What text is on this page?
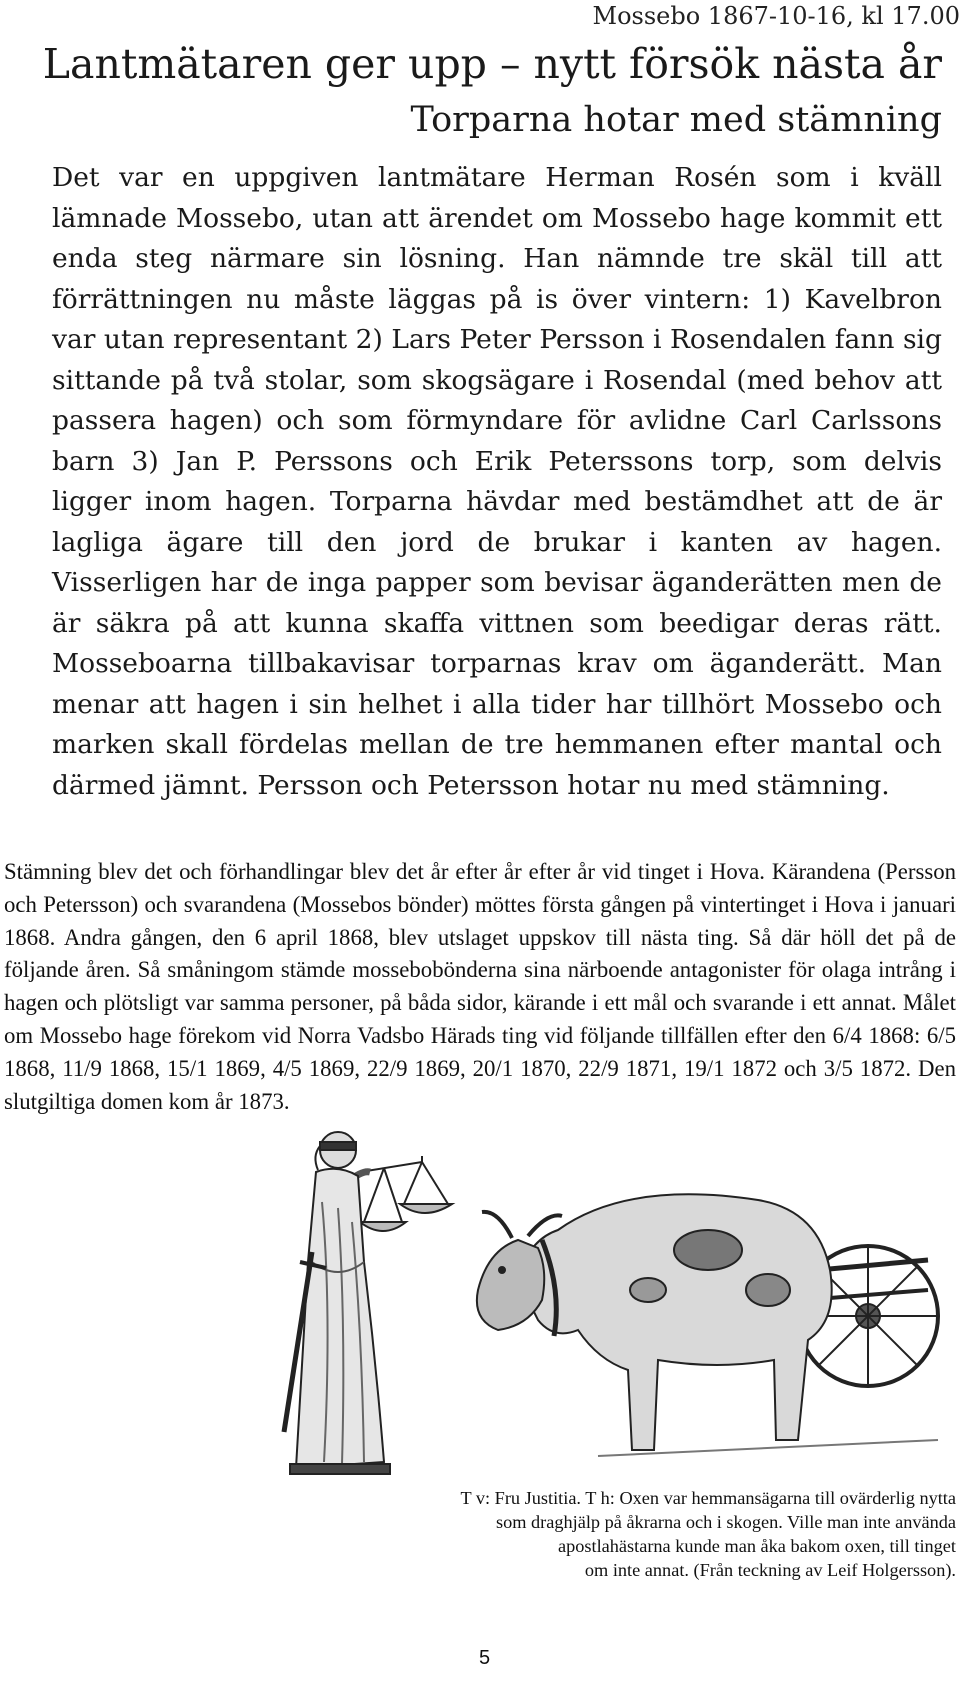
Mossebo 1867-10-16, kl 17.00
Lantmätaren ger upp – nytt försök nästa år
Torparna hotar med stämning

Det var en uppgiven lantmätare Herman Rosén som i kväll lämnade Mossebo, utan att ärendet om Mossebo hage kommit ett enda steg närmare sin lösning. Han nämnde tre skäl till att förrättningen nu måste läggas på is över vintern: 1) Kavelbron var utan representant 2) Lars Peter Persson i Rosendalen fann sig sittande på två stolar, som skogsägare i Rosendal (med behov att passera hagen) och som förmyndare för avlidne Carl Carlssons barn 3) Jan P. Perssons och Erik Peterssons torp, som delvis ligger inom hagen. Torparna hävdar med bestämdhet att de är lagliga ägare till den jord de brukar i kanten av hagen. Visserligen har de inga papper som bevisar äganderätten men de är säkra på att kunna skaffa vittnen som beedigar deras rätt. Mosseboarna tillbakavisar torparnas krav om äganderätt. Man menar att hagen i sin helhet i alla tider har tillhört Mossebo och marken skall fördelas mellan de tre hemmanen efter mantal och därmed jämnt. Persson och Petersson hotar nu med stämning.

Stämning blev det och förhandlingar blev det år efter år efter år vid tinget i Hova. Kärandena (Persson och Petersson) och svarandena (Mossebos bönder) möttes första gången på vintertinget i Hova i januari 1868. Andra gången, den 6 april 1868, blev utslaget uppskov till nästa ting. Så där höll det på de följande åren. Så småningom stämde mossebobönderna sina närboende antagonister för olaga intrång i hagen och plötsligt var samma personer, på båda sidor, kärande i ett mål och svarande i ett annat. Målet om Mossebo hage förekom vid Norra Vadsbo Härads ting vid följande tillfällen efter den 6/4 1868: 6/5 1868, 11/9 1868, 15/1 1869, 4/5 1869, 22/9 1869, 20/1 1870, 22/9 1871, 19/1 1872 och 3/5 1872. Den slutgiltiga domen kom år 1873.

T v: Fru Justitia. T h: Oxen var hemmansägarna till ovärderlig nytta
som draghjälp på åkrarna och i skogen. Ville man inte använda
apostlahästarna kunde man åka bakom oxen, till tinget
om inte annat. (Från teckning av Leif Holgersson).
5
